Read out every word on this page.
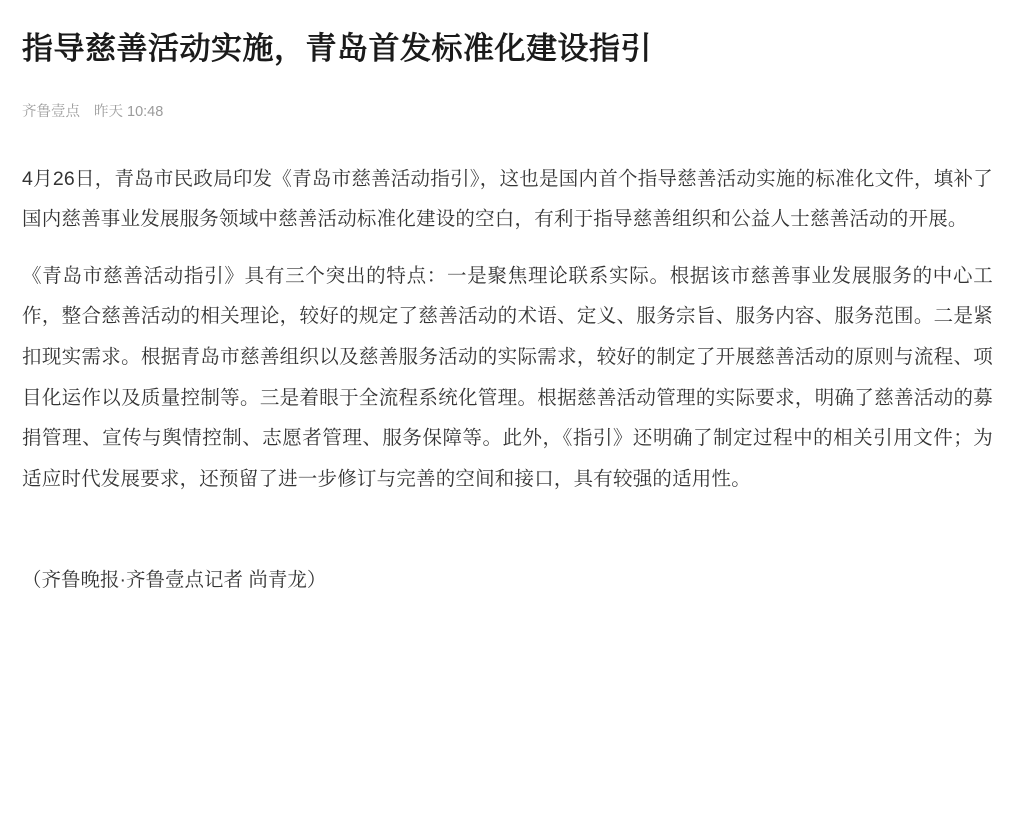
指导慈善活动实施，青岛首发标准化建设指引
齐鲁壹点 昨天 10:48

4月26日，青岛市民政局印发《青岛市慈善活动指引》，这也是国内首个指导慈善活动实施的标准化文件，填补了国内慈善事业发展服务领域中慈善活动标准化建设的空白，有利于指导慈善组织和公益人士慈善活动的开展。

《青岛市慈善活动指引》具有三个突出的特点：一是聚焦理论联系实际。根据该市慈善事业发展服务的中心工作，整合慈善活动的相关理论，较好的规定了慈善活动的术语、定义、服务宗旨、服务内容、服务范围。二是紧扣现实需求。根据青岛市慈善组织以及慈善服务活动的实际需求，较好的制定了开展慈善活动的原则与流程、项目化运作以及质量控制等。三是着眼于全流程系统化管理。根据慈善活动管理的实际要求，明确了慈善活动的募捐管理、宣传与舆情控制、志愿者管理、服务保障等。此外，《指引》还明确了制定过程中的相关引用文件；为适应时代发展要求，还预留了进一步修订与完善的空间和接口，具有较强的适用性。

（齐鲁晚报·齐鲁壹点记者 尚青龙）
